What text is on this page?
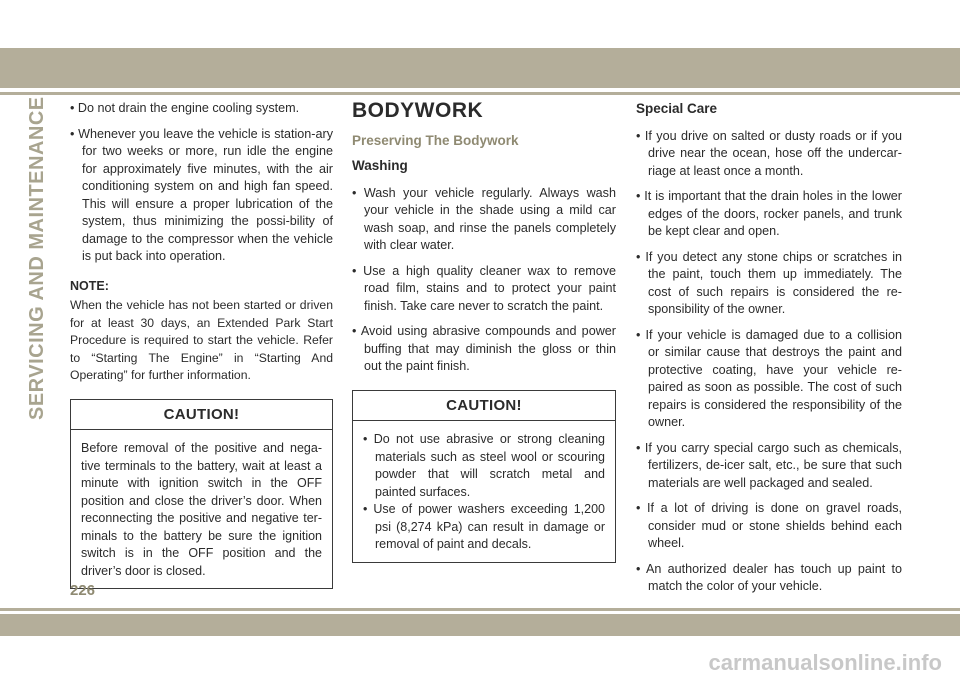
SERVICING AND MAINTENANCE • Do not drain the engine cooling system.

• Whenever you leave the vehicle is station-ary for two weeks or more, run idle the engine for approximately five minutes, with the air conditioning system on and high fan speed. This will ensure a proper lubrication of the system, thus minimizing the possi-bility of damage to the compressor when the vehicle is put back into operation.

NOTE:

When the vehicle has not been started or driven for at least 30 days, an Extended Park Start Procedure is required to start the vehicle. Refer to “Starting The Engine” in “Starting And Operating” for further information.

CAUTION!
Before removal of the positive and nega-tive terminals to the battery, wait at least a minute with ignition switch in the OFF position and close the driver’s door. When reconnecting the positive and negative ter-minals to the battery be sure the ignition switch is in the OFF position and the driver’s door is closed.
BODYWORK
Preserving The Bodywork
Washing

• Wash your vehicle regularly. Always wash your vehicle in the shade using a mild car wash soap, and rinse the panels completely with clear water.

• Use a high quality cleaner wax to remove road film, stains and to protect your paint finish. Take care never to scratch the paint.

• Avoid using abrasive compounds and power buffing that may diminish the gloss or thin out the paint finish.

CAUTION!
• Do not use abrasive or strong cleaning materials such as steel wool or scouring powder that will scratch metal and painted surfaces.
• Use of power washers exceeding 1,200 psi (8,274 kPa) can result in damage or removal of paint and decals.
Special Care

• If you drive on salted or dusty roads or if you drive near the ocean, hose off the undercar-riage at least once a month.

• It is important that the drain holes in the lower edges of the doors, rocker panels, and trunk be kept clear and open.

• If you detect any stone chips or scratches in the paint, touch them up immediately. The cost of such repairs is considered the re-sponsibility of the owner.

• If your vehicle is damaged due to a collision or similar cause that destroys the paint and protective coating, have your vehicle re-paired as soon as possible. The cost of such repairs is considered the responsibility of the owner.

• If you carry special cargo such as chemicals, fertilizers, de-icer salt, etc., be sure that such materials are well packaged and sealed.

• If a lot of driving is done on gravel roads, consider mud or stone shields behind each wheel.

• An authorized dealer has touch up paint to match the color of your vehicle.

226
carmanualsonline.info
